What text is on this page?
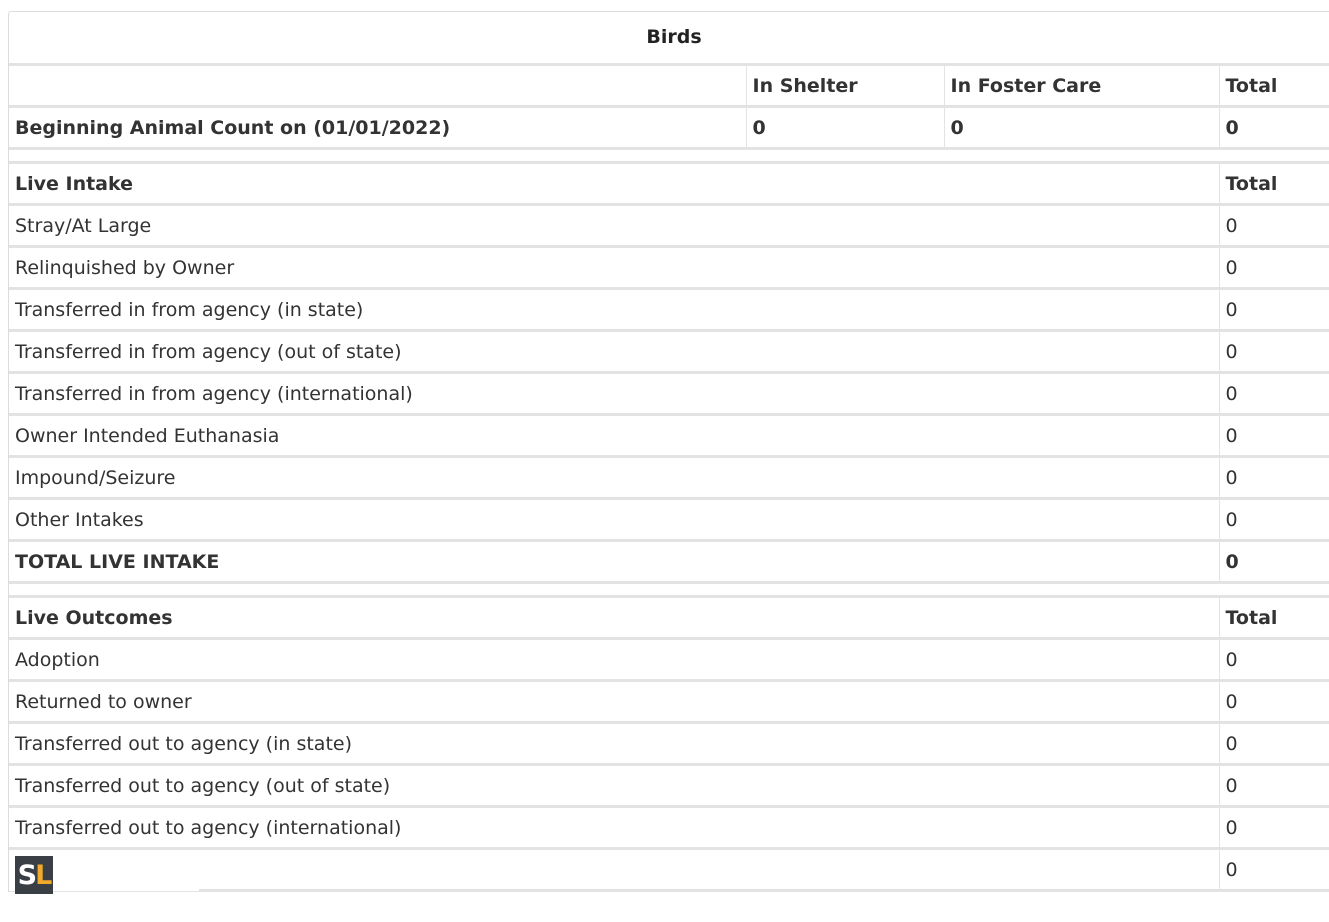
Birds
	In Shelter	In Foster Care	Total
Beginning Animal Count on (01/01/2022)	0	0	0
Live Intake	Total
Stray/At Large	0
Relinquished by Owner	0
Transferred in from agency (in state)	0
Transferred in from agency (out of state)	0
Transferred in from agency (international)	0
Owner Intended Euthanasia	0
Impound/Seizure	0
Other Intakes	0
TOTAL LIVE INTAKE	0
Live Outcomes	Total
Adoption	0
Returned to owner	0
Transferred out to agency (in state)	0
Transferred out to agency (out of state)	0
Transferred out to agency (international)	0
	0
S L
